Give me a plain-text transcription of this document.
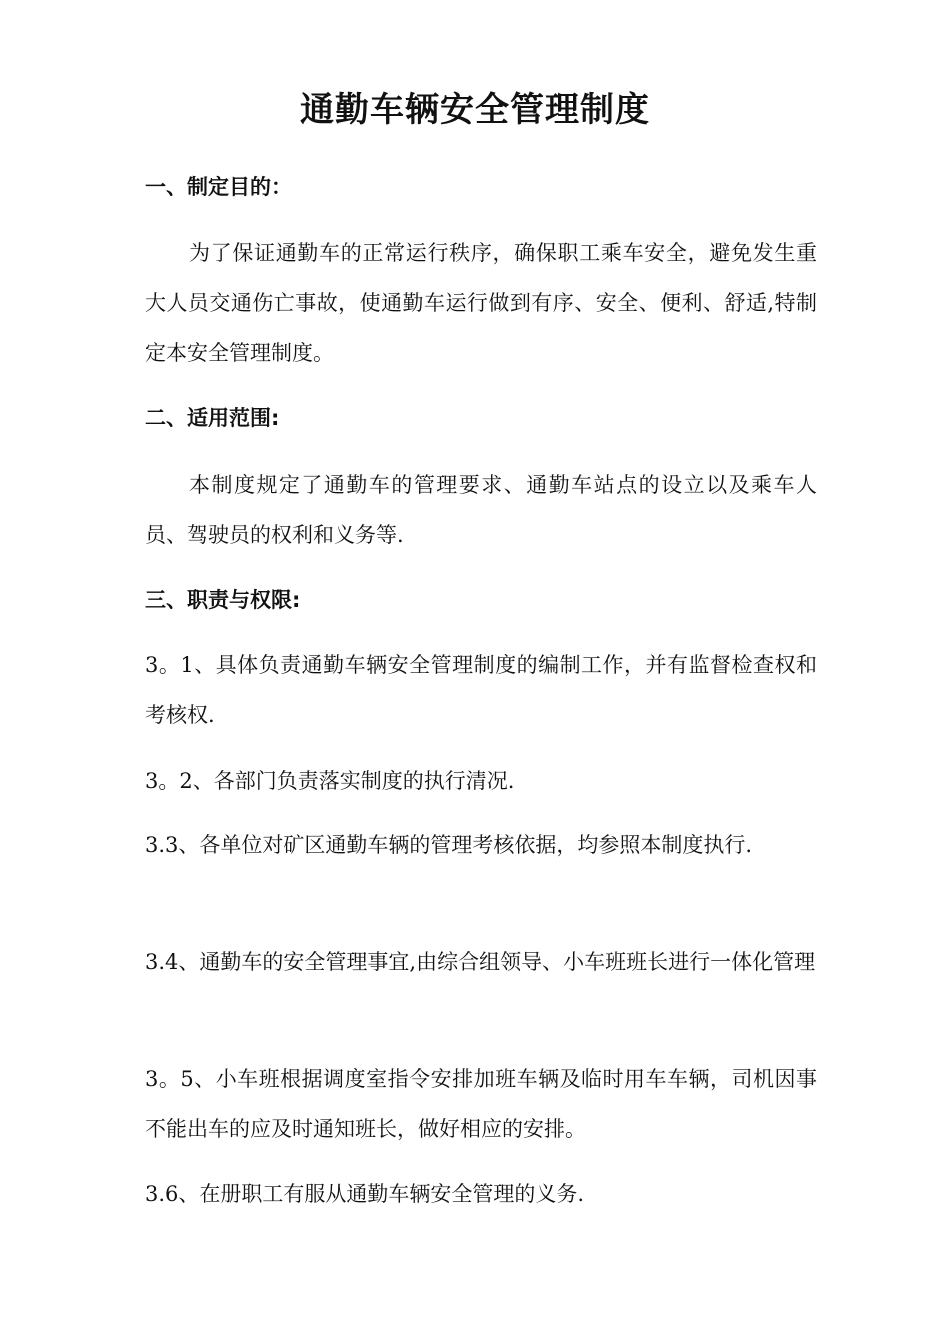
通勤车辆安全管理制度
一、制定目的：

为了保证通勤车的正常运行秩序，确保职工乘车安全，避免发生重大人员交通伤亡事故，使通勤车运行做到有序、安全、便利、舒适,特制定本安全管理制度。

二、适用范围:

本制度规定了通勤车的管理要求、通勤车站点的设立以及乘车人员、驾驶员的权利和义务等.

三、职责与权限:

3。1、具体负责通勤车辆安全管理制度的编制工作，并有监督检查权和考核权.

3。2、各部门负责落实制度的执行清况.

3.3、各单位对矿区通勤车辆的管理考核依据，均参照本制度执行.

3.4、通勤车的安全管理事宜,由综合组领导、小车班班长进行一体化管理

3。5、小车班根据调度室指令安排加班车辆及临时用车车辆，司机因事不能出车的应及时通知班长，做好相应的安排。

3.6、在册职工有服从通勤车辆安全管理的义务.
